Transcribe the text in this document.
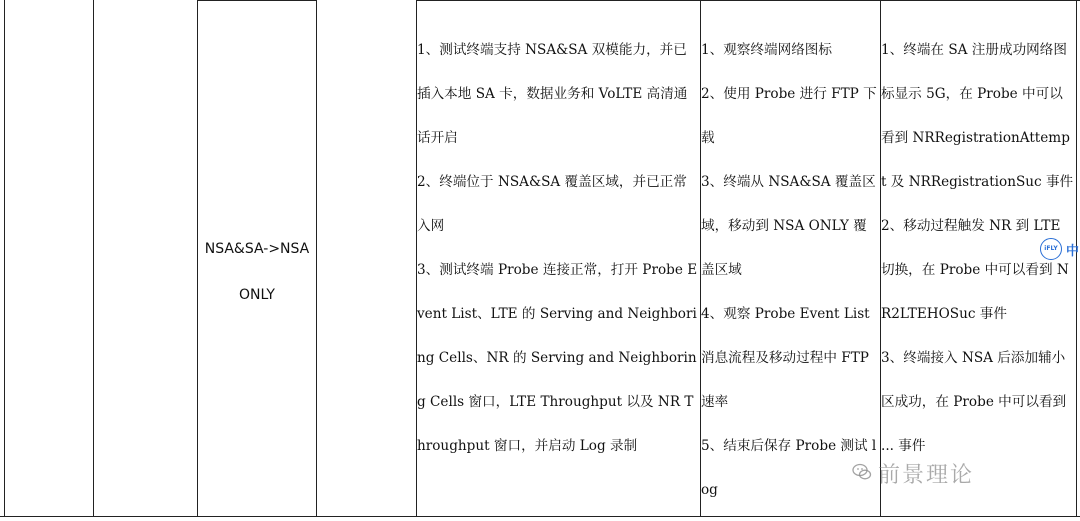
NSA&SA->NSA
ONLY

1、测试终端支持 NSA&SA 双模能力，并已插入本地 SA 卡，数据业务和 VoLTE 高清通话开启

2、终端位于 NSA&SA 覆盖区域，并已正常入网

3、测试终端 Probe 连接正常，打开 Probe Event List、LTE 的 Serving and Neighboring Cells、NR 的 Serving and Neighboring Cells 窗口，LTE Throughput 以及 NR Throughput 窗口，并启动 Log 录制

1、观察终端网络图标

2、使用 Probe 进行 FTP 下载

3、终端从 NSA&SA 覆盖区域，移动到 NSA ONLY 覆盖区域

4、观察 Probe Event List 消息流程及移动过程中 FTP 速率

5、结束后保存 Probe 测试 log

1、终端在 SA 注册成功网络图标显示 5G，在 Probe 中可以看到 NRRegistrationAttempt 及 NRRegistrationSuc 事件

2、移动过程触发 NR 到 LTE 切换，在 Probe 中可以看到 NR2LTEHOSuc 事件

3、终端接入 NSA 后添加辅小区成功，在 Probe 中可以看到 ... 事件

iFLY 中
前景理论
